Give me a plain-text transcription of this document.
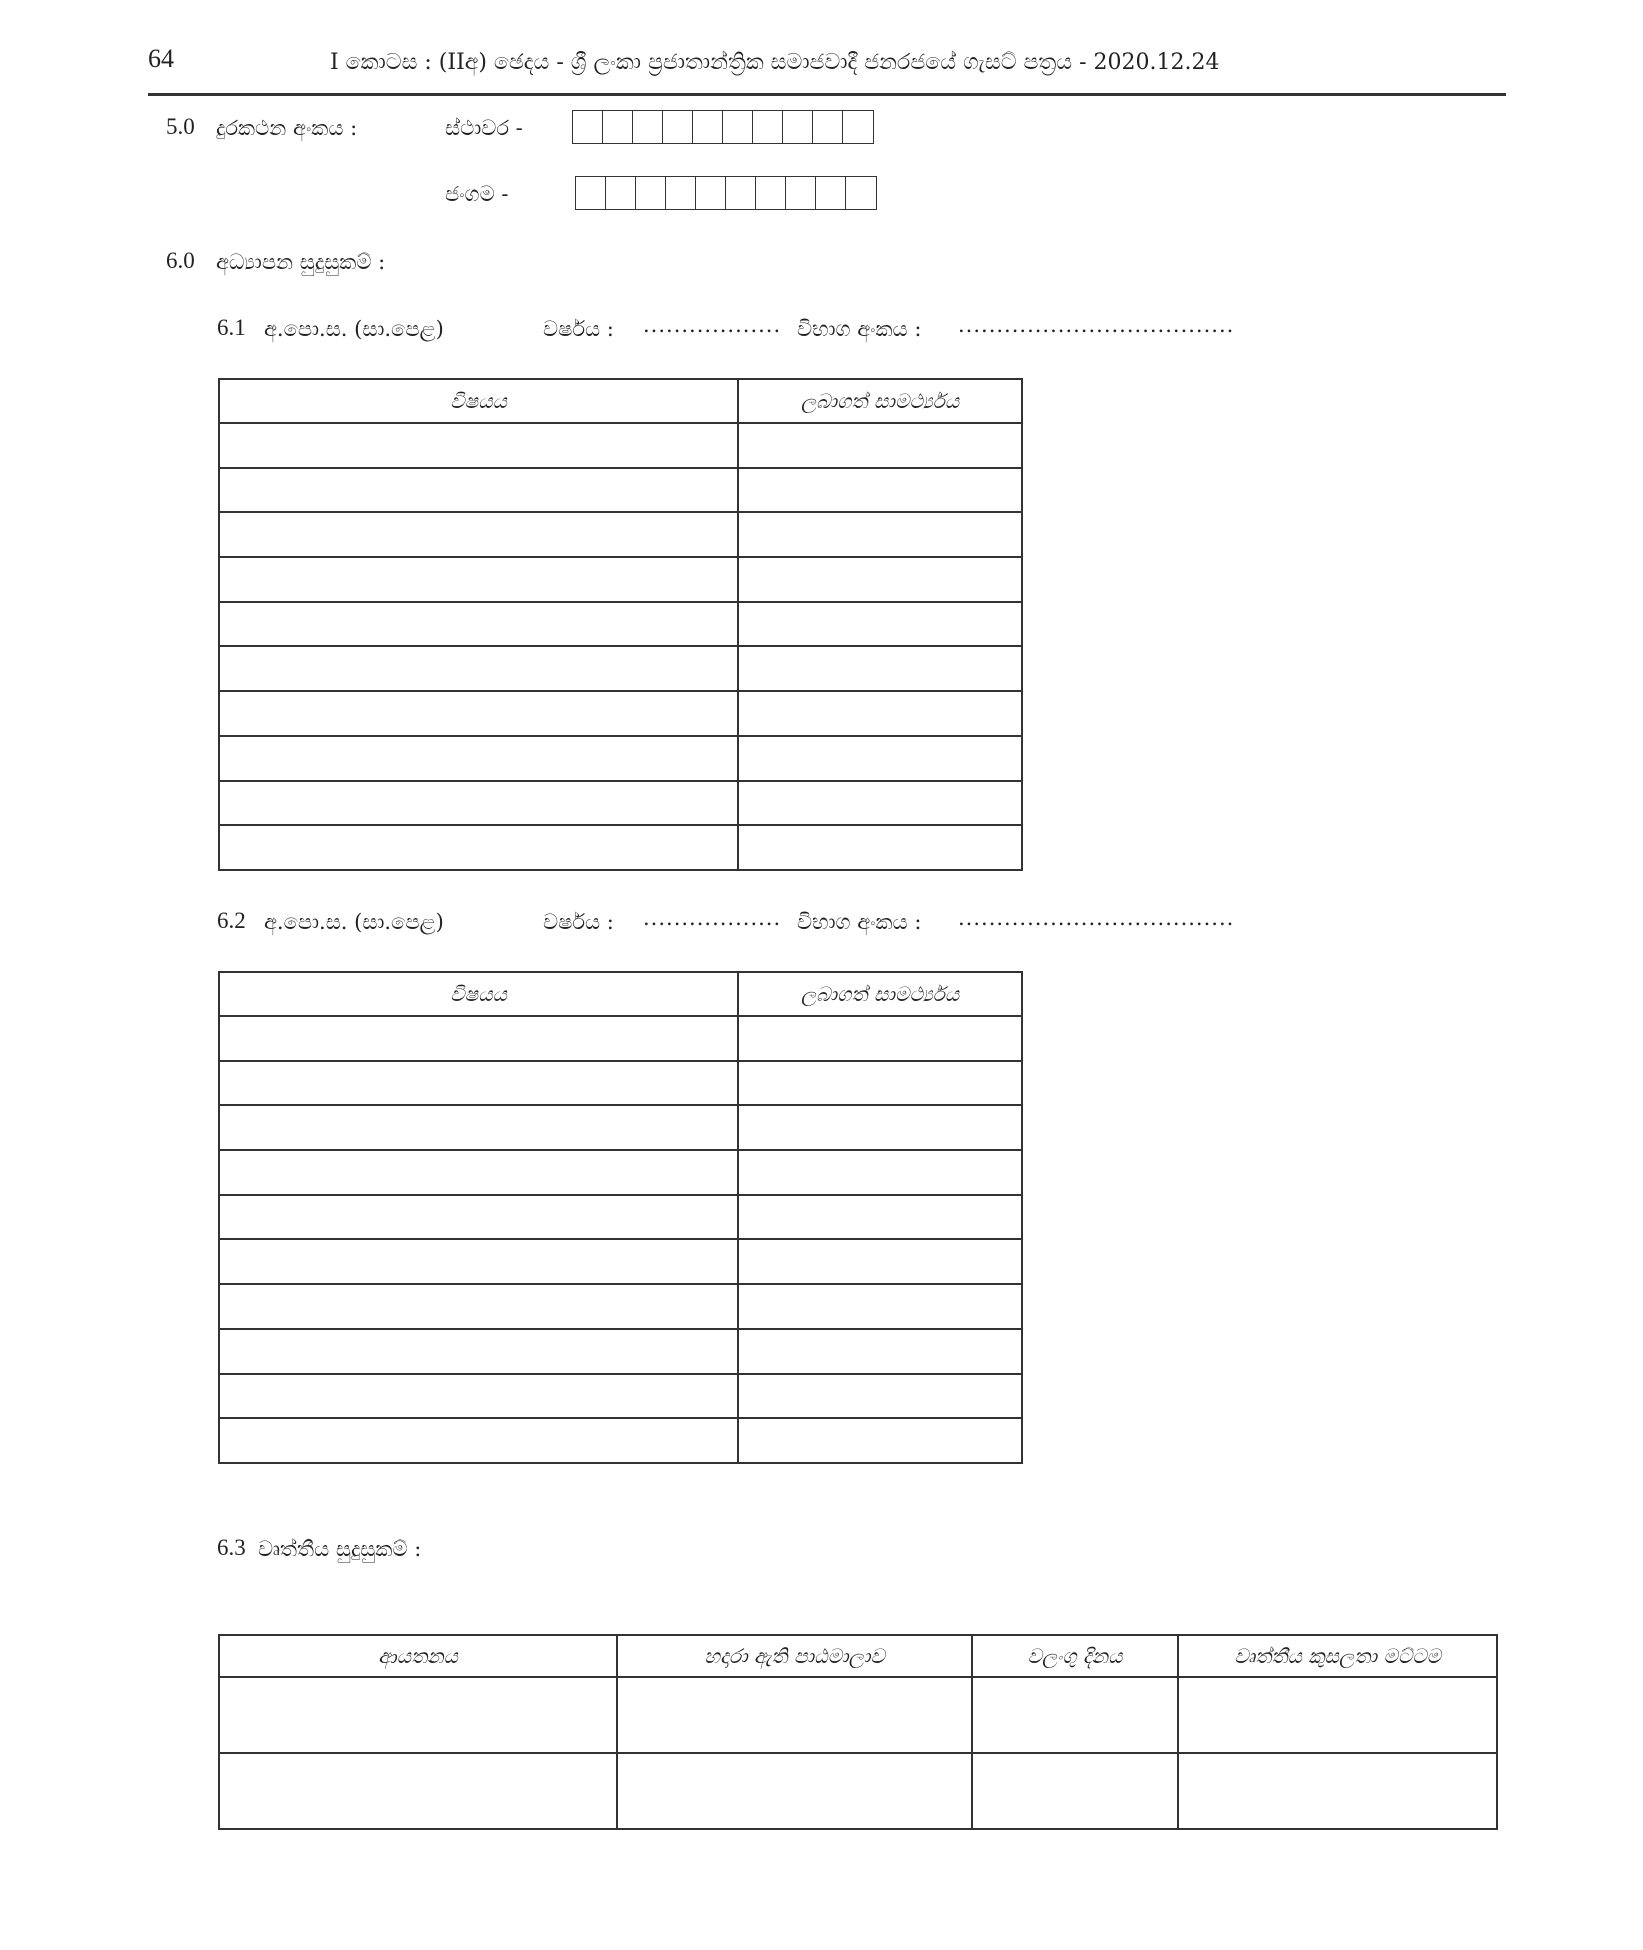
64	I කොටස : (IIඅ) ඡෙදය - ශ්‍රී ලංකා ප්‍රජාතාන්ත්‍රික සමාජවාදී ජනරජයේ ගැසට් පත්‍රය - 2020.12.24
5.0 දුරකථන අංකය :	ස්ථාවර -
ජංගම -
6.0 අධ්‍යාපන සුදුසුකම් :
6.1 අ.පො.ස. (සා.පෙළ)	වර්ෂය : .................. විභාග අංකය : ....................................
විෂයය	ලබාගත් සාමර්ථ්‍යය

6.2 අ.පො.ස. (සා.පෙළ)	වර්ෂය : .................. විභාග අංකය : ....................................
විෂයය	ලබාගත් සාමර්ථ්‍යය

6.3 වෘත්තීය සුදුසුකම් :
ආයතනය	හදාරා ඇති පාඨමාලාව	වලංගු දිනය	වෘත්තීය කුසලතා මට්ටම
